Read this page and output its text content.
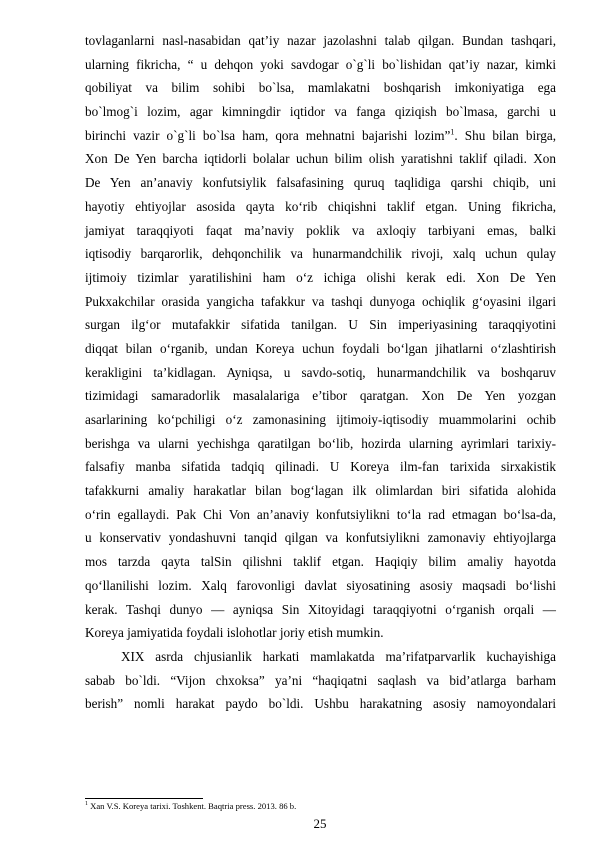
tovlaganlarni nasl-nasabidan qat’iy nazar jazolashni talab qilgan. Bundan tashqari,
ularning fikricha, “ u dehqon yoki savdogar o`g`li bo`lishidan qat’iy nazar, kimki
qobiliyat va bilim sohibi bo`lsa, mamlakatni boshqarish imkoniyatiga ega
bo`lmog`i lozim, agar kimningdir iqtidor va fanga qiziqish bo`lmasa, garchi u
birinchi vazir o`g`li bo`lsa ham, qora mehnatni bajarishi lozim”$^1$. Shu bilan birga,
Xon De Yen barcha iqtidorli bolalar uchun bilim olish yaratishni taklif qiladi. Xon
De Yen an’anaviy konfutsiylik falsafasining quruq taqlidiga qarshi chiqib, uni
hayotiy ehtiyojlar asosida qayta ko‘rib chiqishni taklif etgan. Uning fikricha,
jamiyat taraqqiyoti faqat ma’naviy poklik va axloqiy tarbiyani emas, balki
iqtisodiy barqarorlik, dehqonchilik va hunarmandchilik rivoji, xalq uchun qulay
ijtimoiy tizimlar yaratilishini ham o‘z ichiga olishi kerak edi. Xon De Yen
Pukxakchilar orasida yangicha tafakkur va tashqi dunyoga ochiqlik g‘oyasini ilgari
surgan ilg‘or mutafakkir sifatida tanilgan. U Sin imperiyasining taraqqiyotini
diqqat bilan o‘rganib, undan Koreya uchun foydali bo‘lgan jihatlarni o‘zlashtirish
kerakligini ta’kidlagan. Ayniqsa, u savdo-sotiq, hunarmandchilik va boshqaruv
tizimidagi samaradorlik masalalariga e’tibor qaratgan. Xon De Yen yozgan
asarlarining ko‘pchiligi o‘z zamonasining ijtimoiy-iqtisodiy muammolarini ochib
berishga va ularni yechishga qaratilgan bo‘lib, hozirda ularning ayrimlari tarixiy-
falsafiy manba sifatida tadqiq qilinadi. U Koreya ilm-fan tarixida sirxakistik
tafakkurni amaliy harakatlar bilan bog‘lagan ilk olimlardan biri sifatida alohida
o‘rin egallaydi. Pak Chi Von an’anaviy konfutsiylikni to‘la rad etmagan bo‘lsa-da,
u konservativ yondashuvni tanqid qilgan va konfutsiylikni zamonaviy ehtiyojlarga
mos tarzda qayta talSin qilishni taklif etgan. Haqiqiy bilim amaliy hayotda
qo‘llanilishi lozim. Xalq farovonligi davlat siyosatining asosiy maqsadi bo‘lishi
kerak. Tashqi dunyo — ayniqsa Sin Xitoyidagi taraqqiyotni o‘rganish orqali —
Koreya jamiyatida foydali islohotlar joriy etish mumkin.
XIX asrda chjusianlik harkati mamlakatda ma’rifatparvarlik kuchayishiga
sabab bo`ldi. “Vijon chxoksa” ya’ni “haqiqatni saqlash va bid’atlarga barham
berish” nomli harakat paydo bo`ldi. Ushbu harakatning asosiy namoyondalari
$^1$ Xan V.S. Koreya tarixi. Toshkent. Baqtria press. 2013. 86 b.
25
